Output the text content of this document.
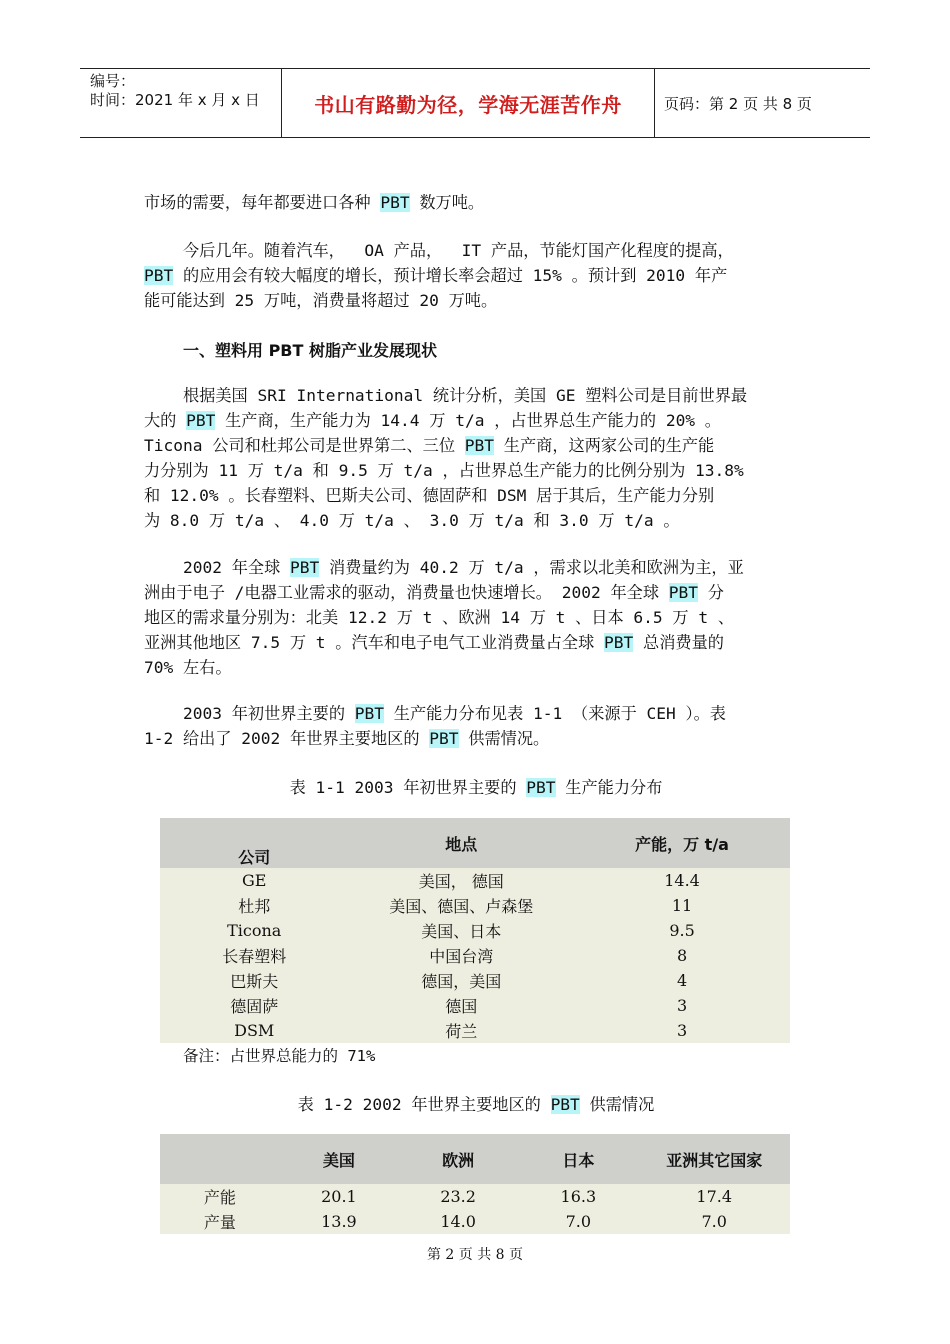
编号：
时间：2021 年 x 月 x 日	书山有路勤为径，学海无涯苦作舟	页码：第 2 页 共 8 页
市场的需要，每年都要进口各种 PBT 数万吨。
今后几年。随着汽车，  OA 产品，  IT 产品，节能灯国产化程度的提高，
PBT 的应用会有较大幅度的增长，预计增长率会超过 15% 。预计到 2010 年产
能可能达到 25 万吨，消费量将超过 20 万吨。
一、塑料用 PBT 树脂产业发展现状
根据美国 SRI International 统计分析，美国 GE 塑料公司是目前世界最
大的 PBT 生产商，生产能力为 14.4 万 t/a ，占世界总生产能力的 20% 。
Ticona 公司和杜邦公司是世界第二、三位 PBT 生产商，这两家公司的生产能
力分别为 11 万 t/a 和 9.5 万 t/a ，占世界总生产能力的比例分别为 13.8%
和 12.0% 。长春塑料、巴斯夫公司、德固萨和 DSM 居于其后，生产能力分别
为 8.0 万 t/a 、 4.0 万 t/a 、 3.0 万 t/a 和 3.0 万 t/a 。
2002 年全球 PBT 消费量约为 40.2 万 t/a ，需求以北美和欧洲为主，亚
洲由于电子 /电器工业需求的驱动，消费量也快速增长。 2002 年全球 PBT 分
地区的需求量分别为：北美 12.2 万 t 、欧洲 14 万 t 、日本 6.5 万 t 、
亚洲其他地区 7.5 万 t 。汽车和电子电气工业消费量占全球 PBT 总消费量的
70% 左右。
2003 年初世界主要的 PBT 生产能力分布见表 1-1 （来源于 CEH ）。表
1-2 给出了 2002 年世界主要地区的 PBT 供需情况。
表 1-1 2003 年初世界主要的 PBT 生产能力分布
公司	地点	产能，万 t/a
GE	美国， 德国	14.4
杜邦	美国、德国、卢森堡	11
Ticona	美国、日本	9.5
长春塑料	中国台湾	8
巴斯夫	德国，美国	4
德固萨	德国	3
DSM	荷兰	3
备注：占世界总能力的 71%
表 1-2 2002 年世界主要地区的 PBT 供需情况
	美国	欧洲	日本	亚洲其它国家
产能	20.1	23.2	16.3	17.4
产量	13.9	14.0	7.0	7.0
第 2 页 共 8 页
